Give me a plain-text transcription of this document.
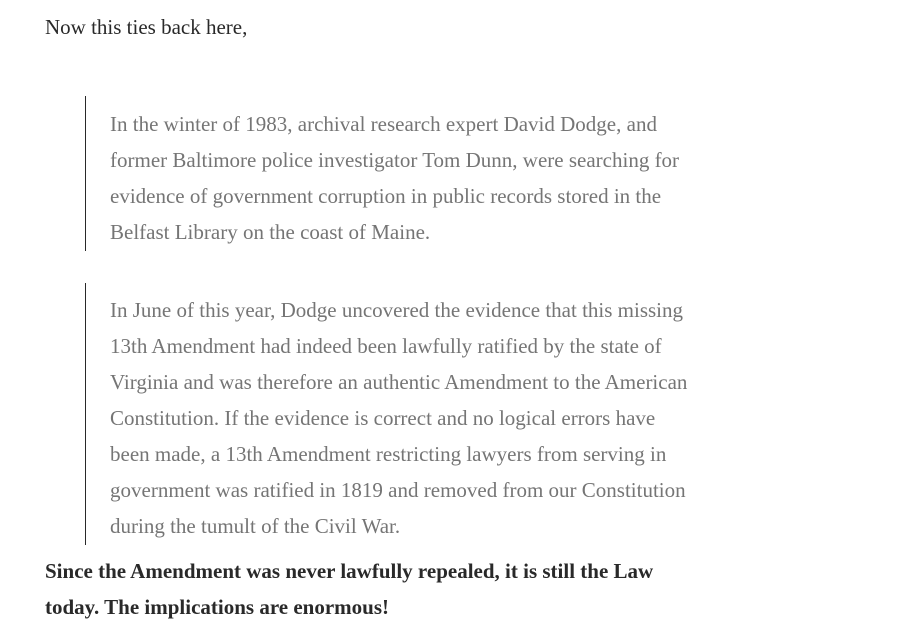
Now this ties back here,

In the winter of 1983, archival research expert David Dodge, and
former Baltimore police investigator Tom Dunn, were searching for
evidence of government corruption in public records stored in the
Belfast Library on the coast of Maine.

In June of this year, Dodge uncovered the evidence that this missing
13th Amendment had indeed been lawfully ratified by the state of
Virginia and was therefore an authentic Amendment to the American
Constitution. If the evidence is correct and no logical errors have
been made, a 13th Amendment restricting lawyers from serving in
government was ratified in 1819 and removed from our Constitution
during the tumult of the Civil War.

Since the Amendment was never lawfully repealed, it is still the Law
today. The implications are enormous!
